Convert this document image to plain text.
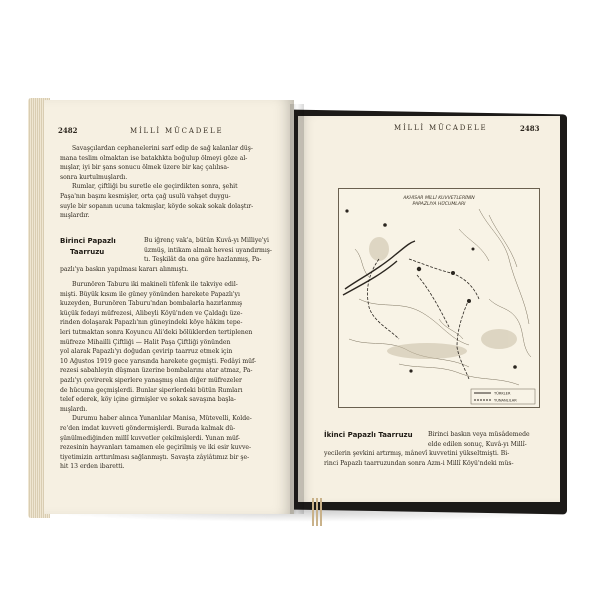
2482	MİLLİ MÜCADELE

Savaşçılardan cephanelerini sarf edip de sağ kalanlar düş-

mana teslim olmaktan ise batakhkta boğulup ölmeyi göze al-

mışlar, iyi bir şans sonucu ölmek üzere bir kaç çalılısa-

sonra kurtulmuşlardı.

Rumlar, çiftliği bu suretle ele geçirdikten sonra, şehit

Paşa'nın başını kesmişler, orta çağ usulü vahşet duygu-

suyle bir sopanın ucuna takmışlar, köyde sokak sokak dolaştır-

mışlardır.

Birinci Papazlı
Taarruzu

Bu iğrenç vak'a, bütün Kuvâ-yı Milliye'yi

üzmüş, intikam almak hevesi uyandırmış-

tı. Teşkilât da ona göre hazlanmış, Pa-

pazlı'ya baskın yapılması kararı alınmıştı.

Burunören Taburu iki makineli tüfenk ile takviye edil-

mişti. Büyük kısım ile güney yönünden harekete Papazlı'yı

kuzeyden, Burunören Taburu'ndan bombalarla hazırlanmış

küçük fedayi müfrezesi, Alibeyli Köyü'nden ve Çaldağı üze-

rinden dolaşarak Papazlı'nın güneyindeki köye hâkim tepe-

leri tutmaktan sonra Koyuncu Ali'deki bölüklerden tertiplenen

müfreze Mihailli Çiftliği — Halit Paşa Çiftliği yönünden

yol alarak Papazlı'yı doğudan çevirip taarruz etmek için

10 Ağustos 1919 gece yarısında harekete geçmişti. Fedâyi müf-

rezesi sabahleyin düşman üzerine bombalarını atar atmaz, Pa-

pazlı'yı çevirerek siperlere yanaşmış olan diğer müfrezeler

de hücuma geçmişlerdi. Bunlar siperlerdeki bütün Rumları

telef ederek, köy içine girmişler ve sokak savaşına başla-

mışlardı.

Durumu haber alınca Yunanlılar Manisa, Mütevelli, Kolde-

re'den imdat kuvveti göndermişlerdi. Burada kalmak dü-

şünülmediğinden millî kuvvetler çekilmişlerdi. Yunan müf-

rezesinin hayvanları tamamen ele geçirilmiş ve iki esir kuvve-

tiyetimizin arttırılması sağlanmıştı. Savaşta zâyiâtımız bir şe-

hit 13 erden ibaretti.

MİLLİ MÜCADELE	2483
AKHİSAR MİLLİ KUVVETLERİNİN
PAPAZLIYA HÜCUMLARI
TÜRKLER
YUNANLILAR
İkinci Papazlı Taarruzu	Birinci baskın veya müsâdemede

elde edilen sonuç, Kuvâ-yı Millî-

yecilerin şevkini artırmış, mânevî kuvvetini yükseltmişti. Bi-

rinci Papazlı taarruzundan sonra Azm-i Millî Köyü'ndeki müs-
